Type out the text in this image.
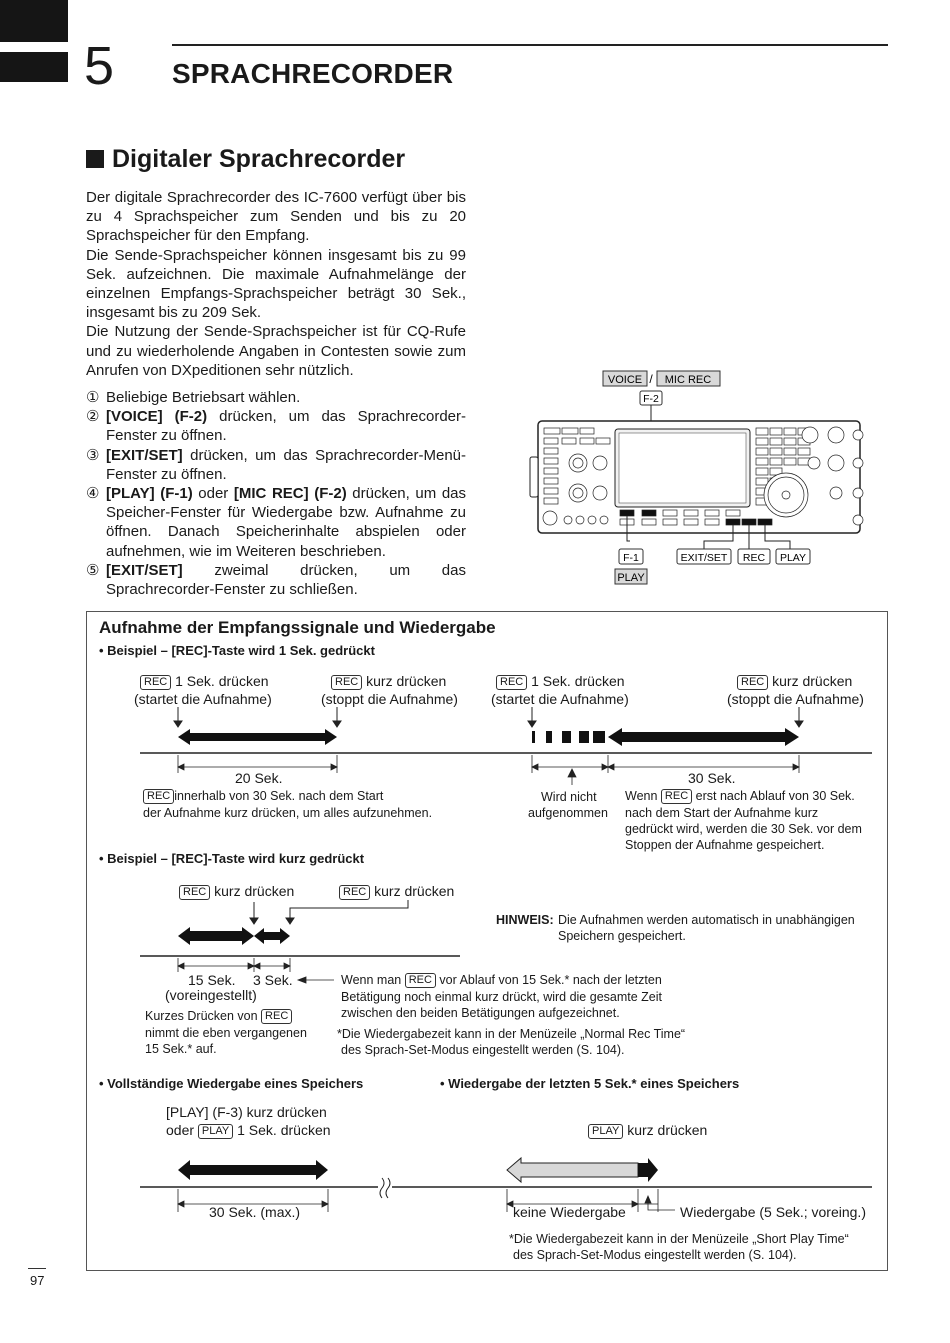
5 SPRACHRECORDER
Digitaler Sprachrecorder

Der digitale Sprachrecorder des IC-7600 verfügt über bis zu 4 Sprachspeicher zum Senden und bis zu 20 Sprachspeicher für den Empfang.

Die Sende-Sprachspeicher können insgesamt bis zu 99 Sek. aufzeichnen. Die maximale Aufnahmelänge der einzelnen Empfangs-Sprachspeicher beträgt 30 Sek., insgesamt bis zu 209 Sek.

Die Nutzung der Sende-Sprachspeicher ist für CQ-Rufe und zu wiederholende Angaben in Contesten sowie zum Anrufen von DXpeditionen sehr nützlich.

① Beliebige Betriebsart wählen.
② [VOICE] (F-2) drücken, um das Sprachrecorder-Fenster zu öffnen.
③ [EXIT/SET] drücken, um das Sprachrecorder-Menü-Fenster zu öffnen.
④ [PLAY] (F-1) oder [MIC REC] (F-2) drücken, um das Speicher-Fenster für Wiedergabe bzw. Aufnahme zu öffnen. Danach Speicherinhalte abspielen oder aufnehmen, wie im Weiteren beschrieben.
⑤ [EXIT/SET] zweimal drücken, um das Sprachrecorder-Fenster zu schließen.
VOICE / MIC REC
F-2
F-1
PLAY
EXIT/SET REC PLAY
Aufnahme der Empfangssignale und Wiedergabe
• Beispiel – [REC]-Taste wird 1 Sek. gedrückt
REC 1 Sek. drücken
(startet die Aufnahme)
REC kurz drücken
(stoppt die Aufnahme)
REC 1 Sek. drücken
(startet die Aufnahme)
REC kurz drücken
(stoppt die Aufnahme)
20 Sek.	30 Sek.
REC innerhalb von 30 Sek. nach dem Start
der Aufnahme kurz drücken, um alles aufzunehmen.
Wird nicht
aufgenommen
Wenn REC erst nach Ablauf von 30 Sek.
nach dem Start der Aufnahme kurz
gedrückt wird, werden die 30 Sek. vor dem
Stoppen der Aufnahme gespeichert.
• Beispiel – [REC]-Taste wird kurz gedrückt
REC kurz drücken	REC kurz drücken
HINWEIS: Die Aufnahmen werden automatisch in unabhängigen
Speichern gespeichert.
15 Sek. 3 Sek.
(voreingestellt)
Kurzes Drücken von REC
nimmt die eben vergangenen
15 Sek.* auf.
Wenn man REC vor Ablauf von 15 Sek.* nach der letzten
Betätigung noch einmal kurz drückt, wird die gesamte Zeit
zwischen den beiden Betätigungen aufgezeichnet.
*Die Wiedergabezeit kann in der Menüzeile „Normal Rec Time“
des Sprach-Set-Modus eingestellt werden (S. 104).
• Vollständige Wiedergabe eines Speichers	• Wiedergabe der letzten 5 Sek.* eines Speichers
[PLAY] (F-3) kurz drücken
oder PLAY 1 Sek. drücken	PLAY kurz drücken
30 Sek. (max.)	keine Wiedergabe	Wiedergabe (5 Sek.; voreing.)
*Die Wiedergabezeit kann in der Menüzeile „Short Play Time“
des Sprach-Set-Modus eingestellt werden (S. 104).
97
